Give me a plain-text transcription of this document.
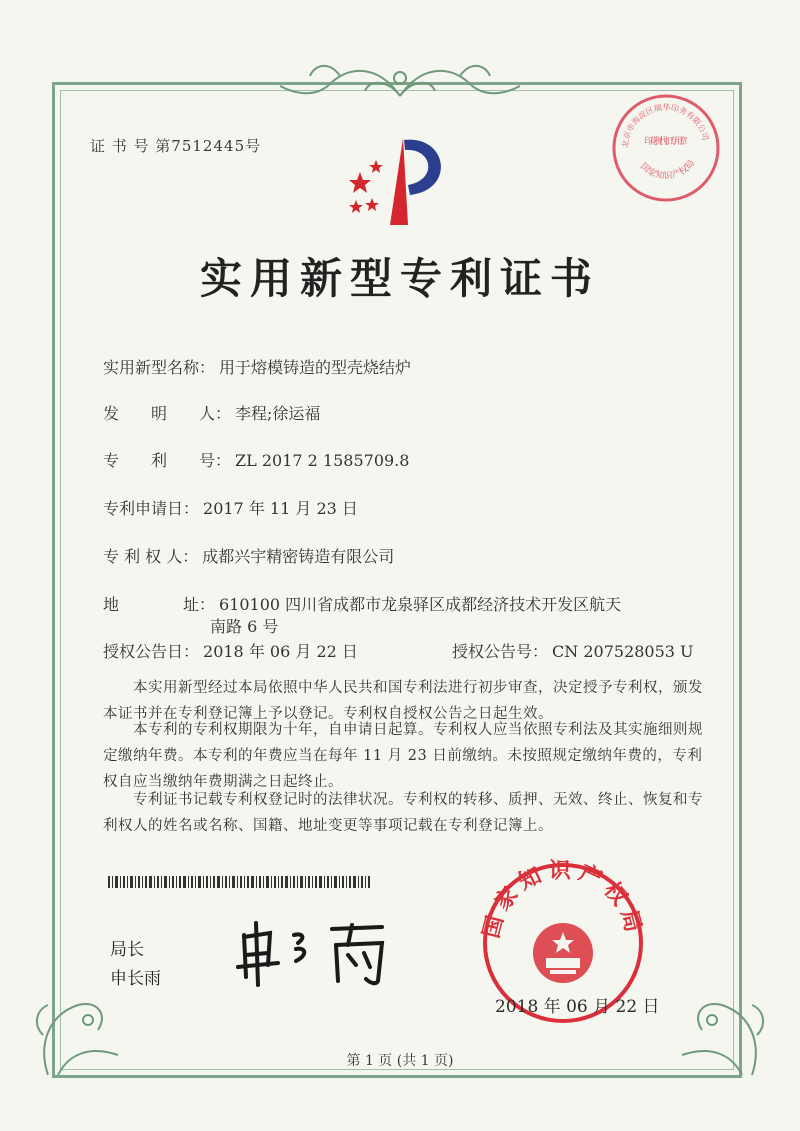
证 书 号 第7512445号	北京市海淀区瑞华印务有限公司
印花税代扣专用章
国家知识产权局
实用新型专利证书
实用新型名称： 用于熔模铸造的型壳烧结炉
发　　明　　人： 李程;徐运福
专　　利　　号： ZL 2017 2 1585709.8
专利申请日： 2017 年 11 月 23 日
专 利 权 人： 成都兴宇精密铸造有限公司
地　　　　址： 610100 四川省成都市龙泉驿区成都经济技术开发区航天
南路 6 号
授权公告日： 2018 年 06 月 22 日	授权公告号： CN 207528053 U
本实用新型经过本局依照中华人民共和国专利法进行初步审查，决定授予专利权，颁发本证书并在专利登记簿上予以登记。专利权自授权公告之日起生效。
本专利的专利权期限为十年，自申请日起算。专利权人应当依照专利法及其实施细则规定缴纳年费。本专利的年费应当在每年 11 月 23 日前缴纳。未按照规定缴纳年费的，专利权自应当缴纳年费期满之日起终止。
专利证书记载专利权登记时的法律状况。专利权的转移、质押、无效、终止、恢复和专利权人的姓名或名称、国籍、地址变更等事项记载在专利登记簿上。
局长
申长雨
国家知识产权局
2018 年 06 月 22 日
第 1 页 (共 1 页)
